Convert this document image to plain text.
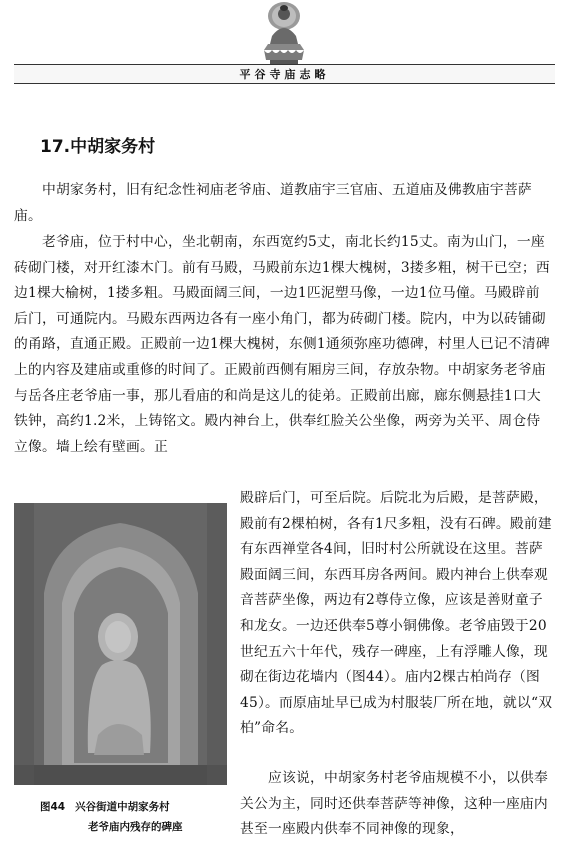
平谷寺庙志略
17.中胡家务村

中胡家务村，旧有纪念性祠庙老爷庙、道教庙宇三官庙、五道庙及佛教庙宇菩萨庙。

老爷庙，位于村中心，坐北朝南，东西宽约5丈，南北长约15丈。南为山门，一座砖砌门楼，对开红漆木门。前有马殿，马殿前东边1棵大槐树，3搂多粗，树干已空；西边1棵大榆树，1搂多粗。马殿面阔三间，一边1匹泥塑马像，一边1位马僮。马殿辟前后门，可通院内。马殿东西两边各有一座小角门，都为砖砌门楼。院内，中为以砖铺砌的甬路，直通正殿。正殿前一边1棵大槐树，东侧1通须弥座功德碑，村里人已记不清碑上的内容及建庙或重修的时间了。正殿前西侧有厢房三间，存放杂物。中胡家务老爷庙与岳各庄老爷庙一事，那儿看庙的和尚是这儿的徒弟。正殿前出廊，廊东侧悬挂1口大铁钟，高约1.2米，上铸铭文。殿内神台上，供奉红脸关公坐像，两旁为关平、周仓侍立像。墙上绘有壁画。正

殿辟后门，可至后院。后院北为后殿，是菩萨殿，殿前有2棵柏树，各有1尺多粗，没有石碑。殿前建有东西禅堂各4间，旧时村公所就设在这里。菩萨殿面阔三间，东西耳房各两间。殿内神台上供奉观音菩萨坐像，两边有2尊侍立像，应该是善财童子和龙女。一边还供奉5尊小铜佛像。老爷庙毁于20世纪五六十年代，残存一碑座，上有浮雕人像，现砌在街边花墙内（图44）。庙内2棵古柏尚存（图45）。而原庙址早已成为村服装厂所在地，就以“双柏”命名。

应该说，中胡家务村老爷庙规模不小，以供奉关公为主，同时还供奉菩萨等神像，这种一座庙内甚至一座殿内供奉不同神像的现象，

图44 兴谷街道中胡家务村
老爷庙内残存的碑座
